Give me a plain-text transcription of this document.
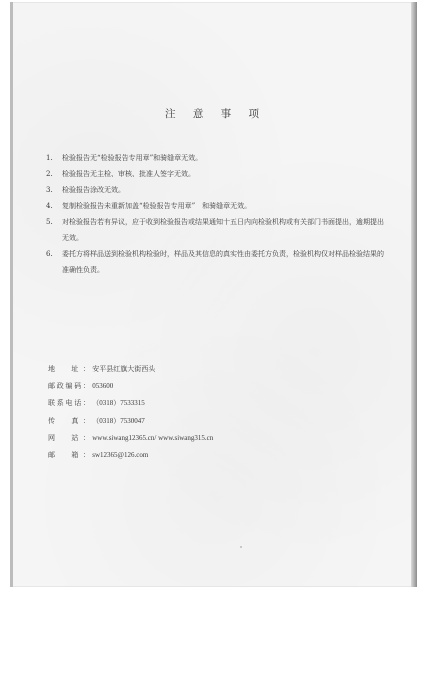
注 意 事 项
1. 检验报告无“检验报告专用章”和骑缝章无效。
2. 检验报告无主检、审核、批准人签字无效。
3. 检验报告涂改无效。
4. 复制检验报告未重新加盖“检验报告专用章”　和骑缝章无效。
5. 对检验报告若有异议，应于收到检验报告或结果通知十五日内向检验机构或有关部门书面提出，逾期提出无效。
6. 委托方将样品送到检验机构检验时，样品及其信息的真实性由委托方负责，检验机构仅对样品检验结果的准确性负责。
地　址： 安平县红旗大街西头
邮政编码： 053600
联系电话： （0318）7533315
传　真： （0318）7530047
网　站： www.siwang12365.cn/ www.siwang315.cn
邮　箱： sw12365@126.com
